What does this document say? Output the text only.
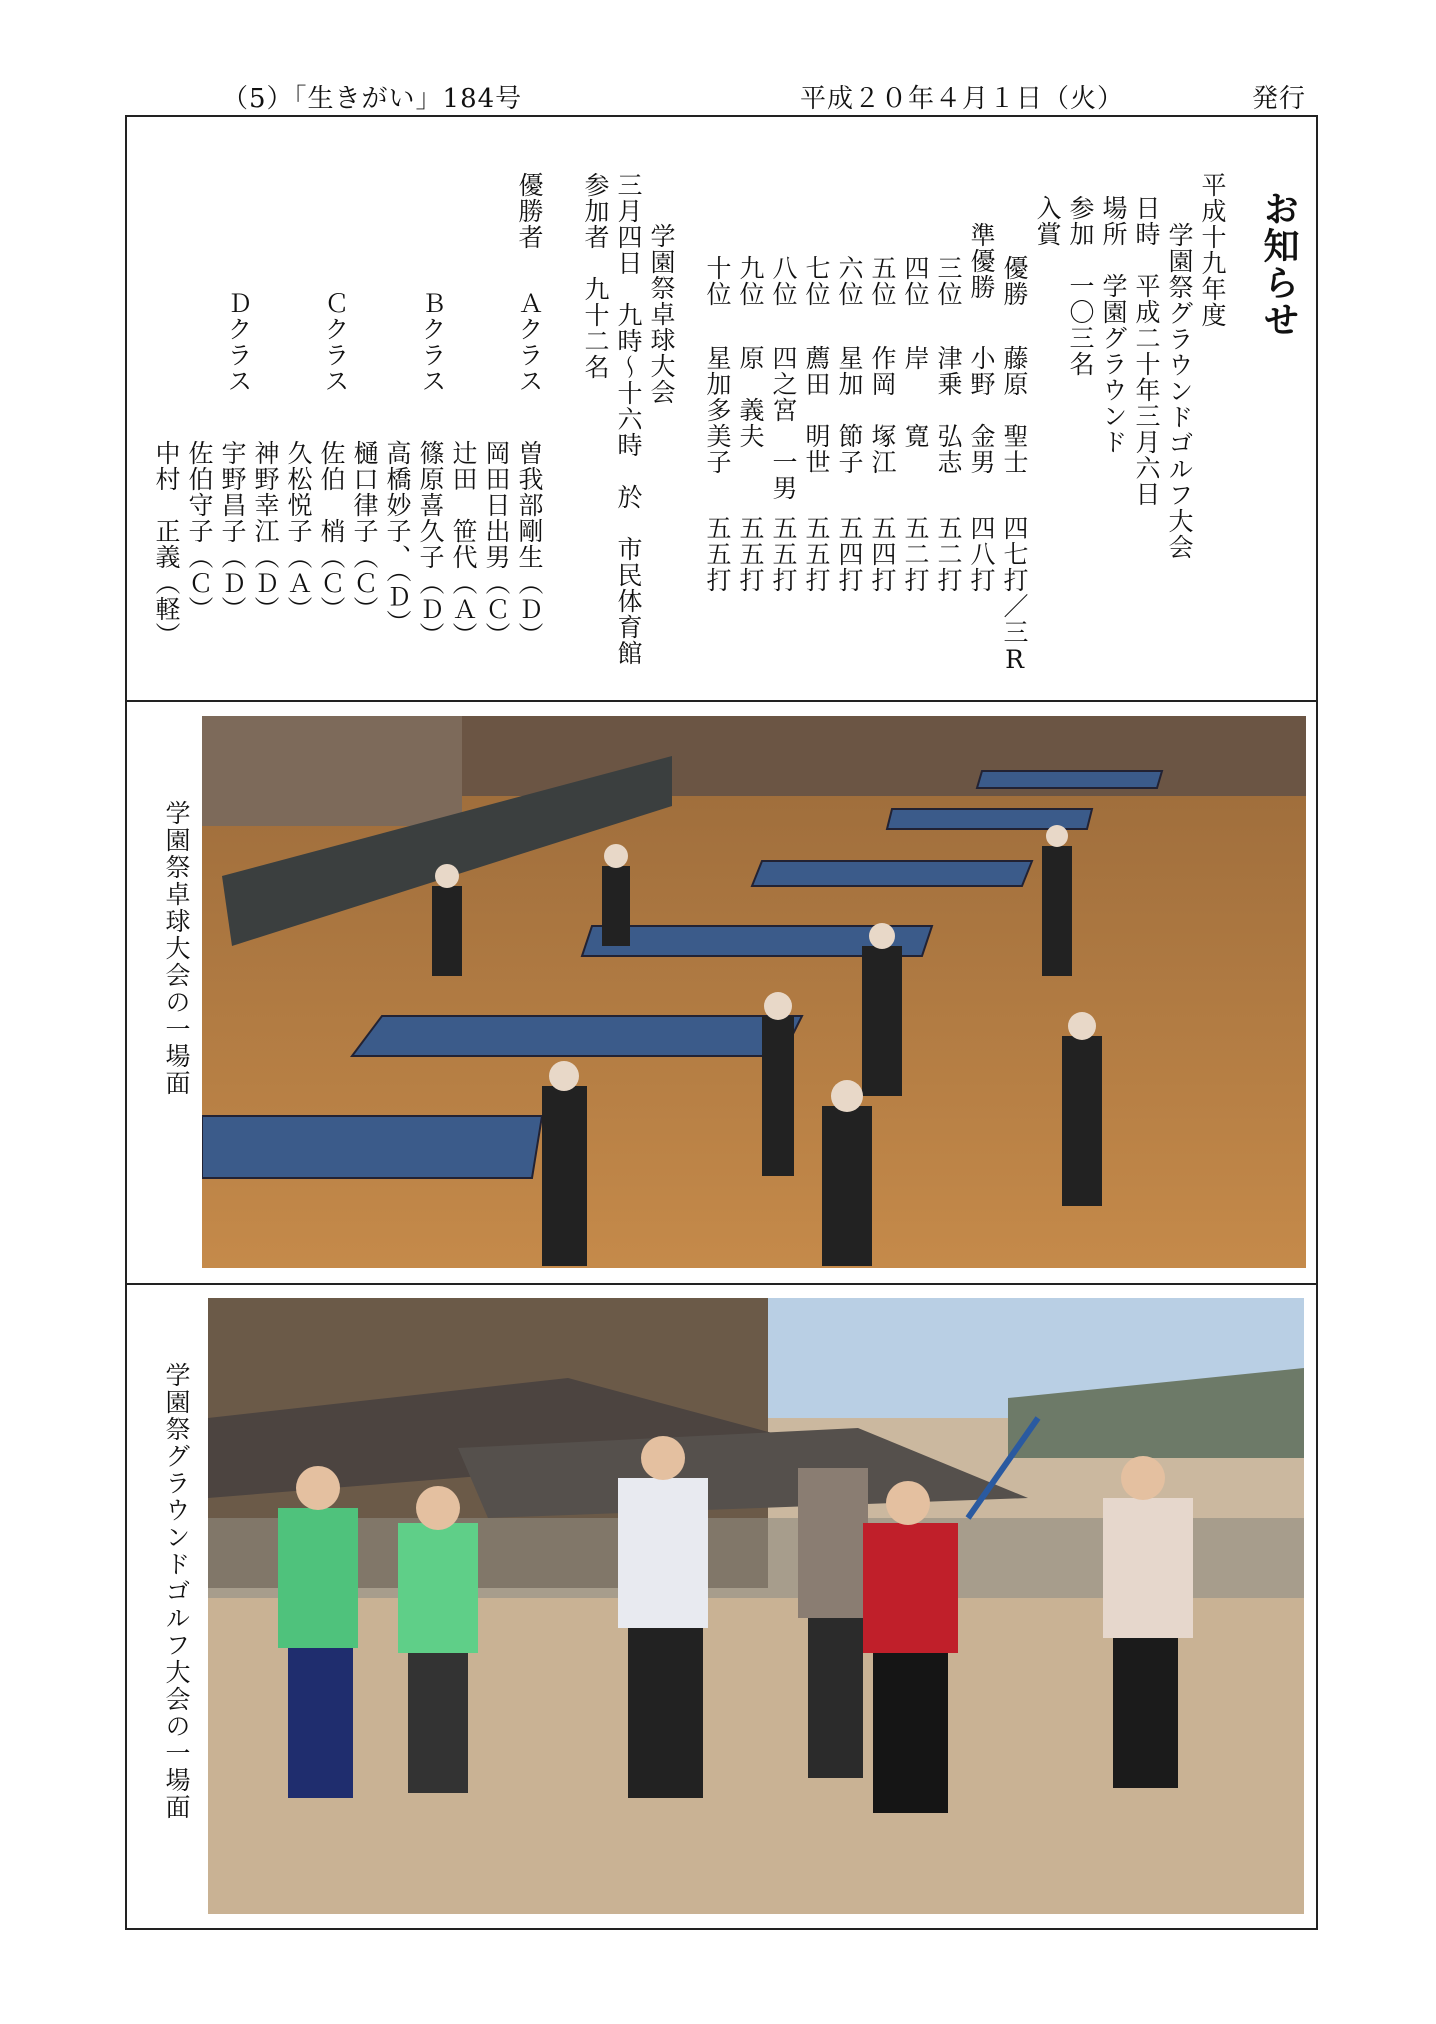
（5）「生きがい」184号	平成２０年４月１日（火）	発行
お知らせ
平成十九年度
学園祭グラウンドゴルフ大会
日時　平成二十年三月六日
場所　学園グラウンド
参加　一〇三名
入賞
優勝
藤原　聖士
四七打／三R
準優勝
小野　金男
四八打
三位
津乗　弘志
五二打
四位
岸　　寛
五二打
五位
作岡　塚江
五四打
六位
星加　節子
五四打
七位
薦田　明世
五五打
八位
四之宮　一男
五五打
九位
原　義夫
五五打
十位
星加多美子
五五打
学園祭卓球大会
三月四日　九時〜十六時　於　市民体育館
参加者　九十二名
優勝者
Ａクラス
曽我部剛生（Ｄ）
岡田日出男（Ｃ）
辻田　笹代（Ａ）
Ｂクラス
篠原喜久子（Ｄ）
高橋妙子、（Ｄ）
樋口律子（Ｃ）
Ｃクラス
佐伯　梢（Ｃ）
久松悦子（Ａ）
神野幸江（Ｄ）
Ｄクラス
宇野昌子（Ｄ）
佐伯守子（Ｃ）
中村　正義（軽）
学園祭卓球大会の一場面
学園祭グラウンドゴルフ大会の一場面
